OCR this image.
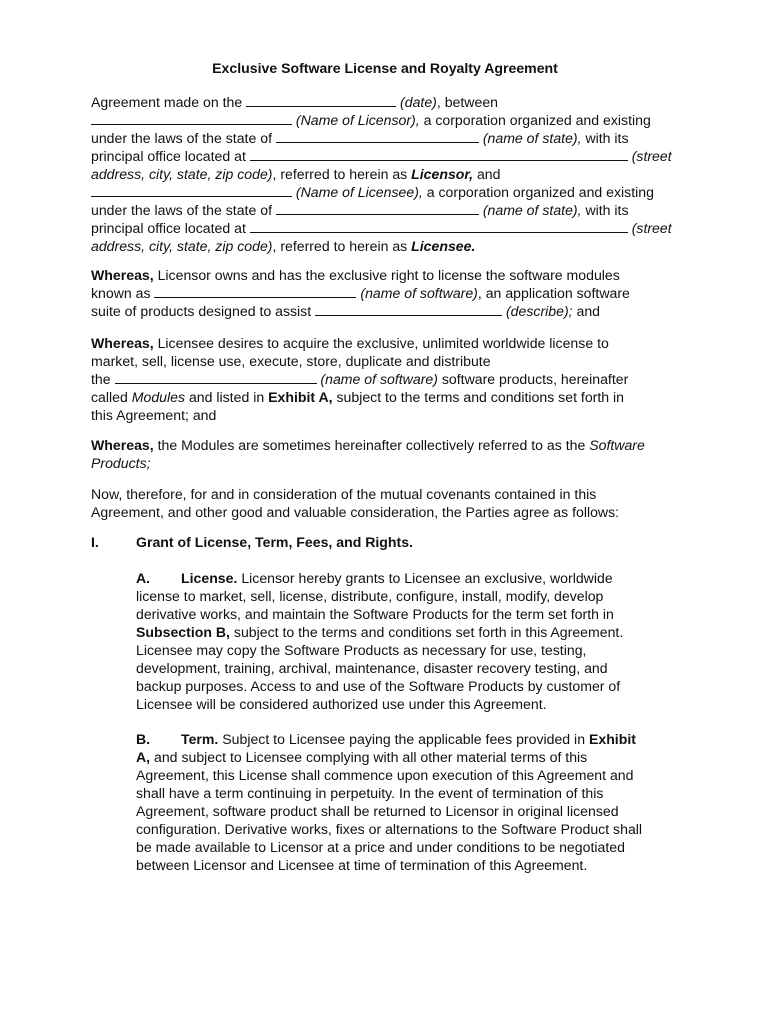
Exclusive Software License and Royalty Agreement
Agreement made on the	(date), between
(Name of Licensor), a corporation organized and existing
under the laws of the state of	(name of state), with its
principal office located at	(street
address, city, state, zip code), referred to herein as Licensor, and
(Name of Licensee), a corporation organized and existing
under the laws of the state of	(name of state), with its
principal office located at	(street
address, city, state, zip code), referred to herein as Licensee.
Whereas, Licensor owns and has the exclusive right to license the software modules
known as	(name of software), an application software
suite of products designed to assist	(describe); and
Whereas, Licensee desires to acquire the exclusive, unlimited worldwide license to
market, sell, license use, execute, store, duplicate and distribute
the	(name of software) software products, hereinafter
called Modules and listed in Exhibit A, subject to the terms and conditions set forth in
this Agreement; and
Whereas, the Modules are sometimes hereinafter collectively referred to as the Software
Products;
Now, therefore, for and in consideration of the mutual covenants contained in this
Agreement, and other good and valuable consideration, the Parties agree as follows:
I.	Grant of License, Term, Fees, and Rights.
A. License. Licensor hereby grants to Licensee an exclusive, worldwide
license to market, sell, license, distribute, configure, install, modify, develop
derivative works, and maintain the Software Products for the term set forth in
Subsection B, subject to the terms and conditions set forth in this Agreement.
Licensee may copy the Software Products as necessary for use, testing,
development, training, archival, maintenance, disaster recovery testing, and
backup purposes. Access to and use of the Software Products by customer of
Licensee will be considered authorized use under this Agreement.
B. Term. Subject to Licensee paying the applicable fees provided in Exhibit
A, and subject to Licensee complying with all other material terms of this
Agreement, this License shall commence upon execution of this Agreement and
shall have a term continuing in perpetuity. In the event of termination of this
Agreement, software product shall be returned to Licensor in original licensed
configuration. Derivative works, fixes or alternations to the Software Product shall
be made available to Licensor at a price and under conditions to be negotiated
between Licensor and Licensee at time of termination of this Agreement.
